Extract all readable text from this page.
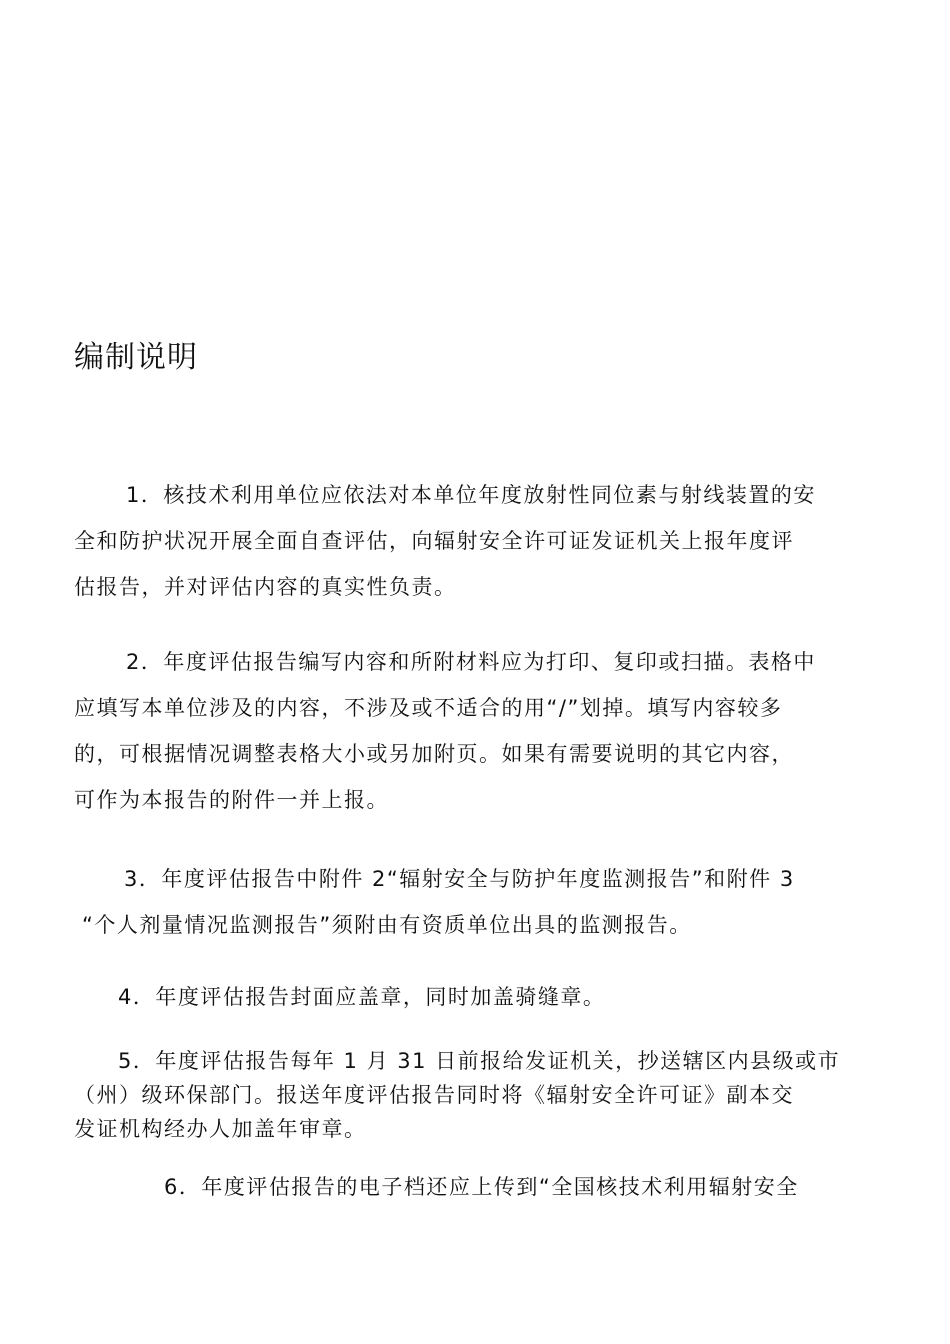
编制说明
1．核技术利用单位应依法对本单位年度放射性同位素与射线装置的安
全和防护状况开展全面自查评估，向辐射安全许可证发证机关上报年度评
估报告，并对评估内容的真实性负责。
2．年度评估报告编写内容和所附材料应为打印、复印或扫描。表格中
应填写本单位涉及的内容，不涉及或不适合的用“/”划掉。填写内容较多
的，可根据情况调整表格大小或另加附页。如果有需要说明的其它内容，
可作为本报告的附件一并上报。
3．年度评估报告中附件 2“辐射安全与防护年度监测报告”和附件 3
“个人剂量情况监测报告”须附由有资质单位出具的监测报告。
4．年度评估报告封面应盖章，同时加盖骑缝章。
5．年度评估报告每年 1 月 31 日前报给发证机关，抄送辖区内县级或市
（州）级环保部门。报送年度评估报告同时将《辐射安全许可证》副本交
发证机构经办人加盖年审章。
6．年度评估报告的电子档还应上传到“全国核技术利用辐射安全
